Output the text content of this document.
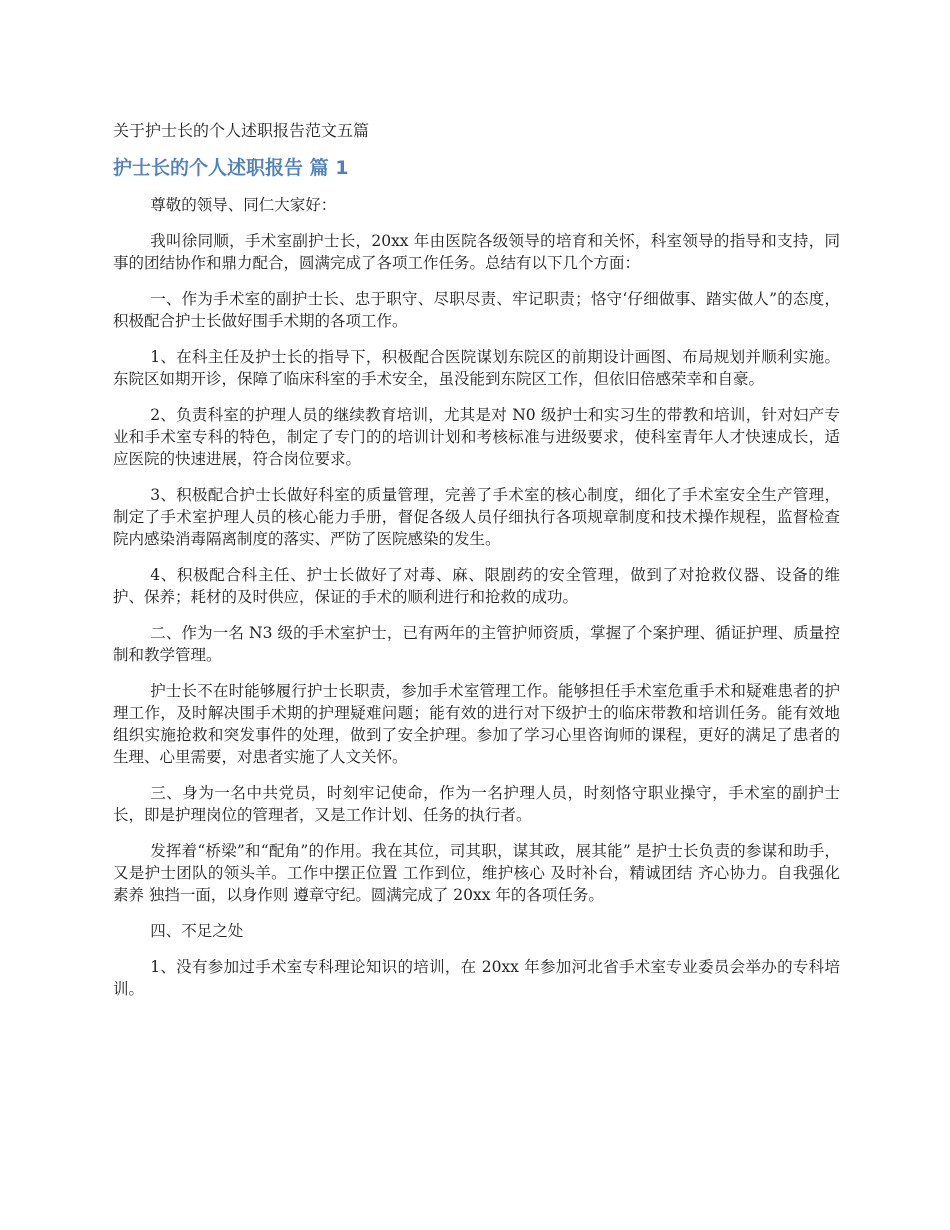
关于护士长的个人述职报告范文五篇
护士长的个人述职报告 篇 1

尊敬的领导、同仁大家好：

我叫徐同顺，手术室副护士长，20xx 年由医院各级领导的培育和关怀，科室领导的指导和支持，同事的团结协作和鼎力配合，圆满完成了各项工作任务。总结有以下几个方面：

一、作为手术室的副护士长、忠于职守、尽职尽责、牢记职责；恪守‘仔细做事、踏实做人”的态度，积极配合护士长做好围手术期的各项工作。

1、在科主任及护士长的指导下，积极配合医院谋划东院区的前期设计画图、布局规划并顺利实施。东院区如期开诊，保障了临床科室的手术安全，虽没能到东院区工作，但依旧倍感荣幸和自豪。

2、负责科室的护理人员的继续教育培训，尤其是对 N0 级护士和实习生的带教和培训，针对妇产专业和手术室专科的特色，制定了专门的的培训计划和考核标准与进级要求，使科室青年人才快速成长，适应医院的快速进展，符合岗位要求。

3、积极配合护士长做好科室的质量管理，完善了手术室的核心制度，细化了手术室安全生产管理，制定了手术室护理人员的核心能力手册，督促各级人员仔细执行各项规章制度和技术操作规程，监督检查院内感染消毒隔离制度的落实、严防了医院感染的发生。

4、积极配合科主任、护士长做好了对毒、麻、限剧药的安全管理，做到了对抢救仪器、设备的维护、保养；耗材的及时供应，保证的手术的顺利进行和抢救的成功。

二、作为一名 N3 级的手术室护士，已有两年的主管护师资质，掌握了个案护理、循证护理、质量控制和教学管理。

护士长不在时能够履行护士长职责，参加手术室管理工作。能够担任手术室危重手术和疑难患者的护理工作，及时解决围手术期的护理疑难问题；能有效的进行对下级护士的临床带教和培训任务。能有效地组织实施抢救和突发事件的处理，做到了安全护理。参加了学习心里咨询师的课程，更好的满足了患者的生理、心里需要，对患者实施了人文关怀。

三、身为一名中共党员，时刻牢记使命，作为一名护理人员，时刻恪守职业操守，手术室的副护士长，即是护理岗位的管理者，又是工作计划、任务的执行者。

发挥着“桥梁”和“配角”的作用。我在其位，司其职，谋其政，展其能” 是护士长负责的参谋和助手，又是护士团队的领头羊。工作中摆正位置 工作到位，维护核心 及时补台，精诚团结 齐心协力。自我强化素养 独挡一面，以身作则 遵章守纪。圆满完成了 20xx 年的各项任务。

四、不足之处

1、没有参加过手术室专科理论知识的培训，在 20xx 年参加河北省手术室专业委员会举办的专科培训。
